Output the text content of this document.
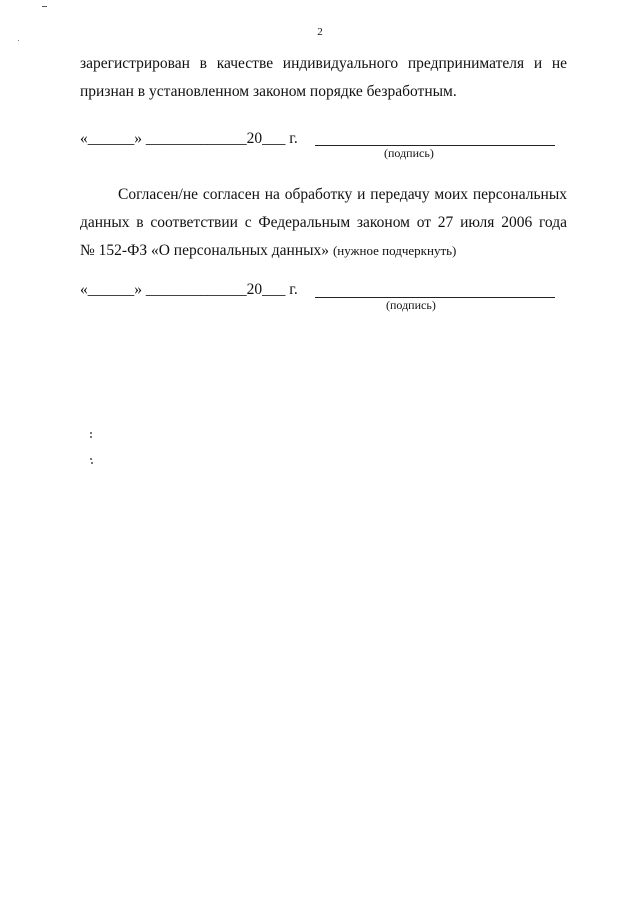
2

зарегистрирован в качестве индивидуального предпринимателя и не
признан в установленном законом порядке безработным.

«______» _____________20___ г.
(подпись)

Согласен/не согласен на обработку и передачу моих персональных
данных в соответствии с Федеральным законом от 27 июля 2006 года
№ 152-ФЗ «О персональных данных» (нужное подчеркнуть)

«______» _____________20___ г.
(подпись)
